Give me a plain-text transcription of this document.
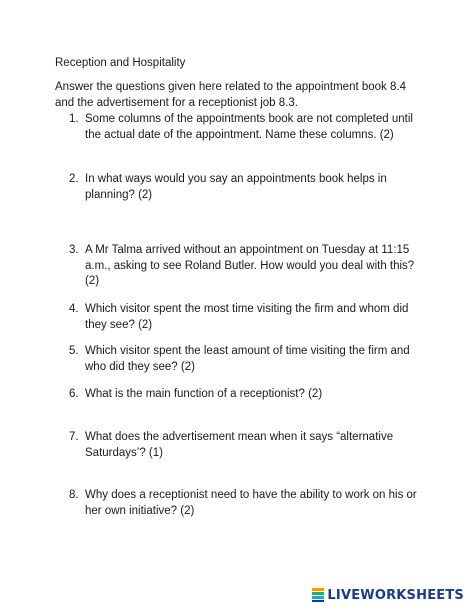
Reception and Hospitality

Answer the questions given here related to the appointment book 8.4 and the advertisement for a receptionist job 8.3.

1. Some columns of the appointments book are not completed until the actual date of the appointment. Name these columns. (2)
2. In what ways would you say an appointments book helps in planning? (2)
3. A Mr Talma arrived without an appointment on Tuesday at 11:15 a.m., asking to see Roland Butler. How would you deal with this? (2)
4. Which visitor spent the most time visiting the firm and whom did they see? (2)
5. Which visitor spent the least amount of time visiting the firm and who did they see? (2)
6. What is the main function of a receptionist? (2)
7. What does the advertisement mean when it says “alternative Saturdays’? (1)
8. Why does a receptionist need to have the ability to work on his or her own initiative? (2)
LIVEWORKSHEETS
